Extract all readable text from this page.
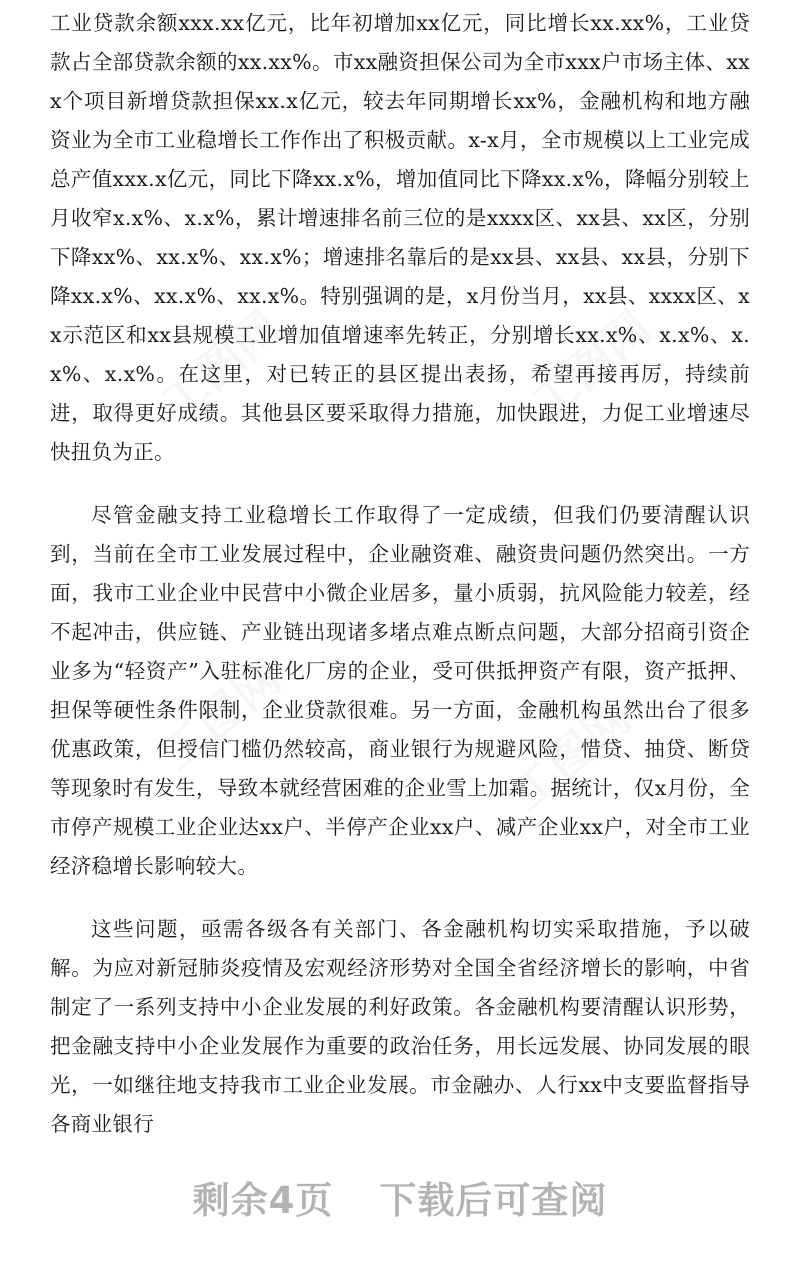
工业贷款余额xxx.xx亿元，比年初增加xx亿元，同比增长xx.xx%，工业贷款占全部贷款余额的xx.xx%。市xx融资担保公司为全市xxx户市场主体、xxx个项目新增贷款担保xx.x亿元，较去年同期增长xx%，金融机构和地方融资业为全市工业稳增长工作作出了积极贡献。x-x月，全市规模以上工业完成总产值xxx.x亿元，同比下降xx.x%，增加值同比下降xx.x%，降幅分别较上月收窄x.x%、x.x%，累计增速排名前三位的是xxxx区、xx县、xx区，分别下降xx%、xx.x%、xx.x%；增速排名靠后的是xx县、xx县、xx县，分别下降xx.x%、xx.x%、xx.x%。特别强调的是，x月份当月，xx县、xxxx区、xx示范区和xx县规模工业增加值增速率先转正，分别增长xx.x%、x.x%、x.x%、x.x%。在这里，对已转正的县区提出表扬，希望再接再厉，持续前进，取得更好成绩。其他县区要采取得力措施，加快跟进，力促工业增速尽快扭负为正。

尽管金融支持工业稳增长工作取得了一定成绩，但我们仍要清醒认识到，当前在全市工业发展过程中，企业融资难、融资贵问题仍然突出。一方面，我市工业企业中民营中小微企业居多，量小质弱，抗风险能力较差，经不起冲击，供应链、产业链出现诸多堵点难点断点问题，大部分招商引资企业多为“轻资产”入驻标准化厂房的企业，受可供抵押资产有限，资产抵押、担保等硬性条件限制，企业贷款很难。另一方面，金融机构虽然出台了很多优惠政策，但授信门槛仍然较高，商业银行为规避风险，惜贷、抽贷、断贷等现象时有发生，导致本就经营困难的企业雪上加霜。据统计，仅x月份，全市停产规模工业企业达xx户、半停产企业xx户、减产企业xx户，对全市工业经济稳增长影响较大。

这些问题，亟需各级各有关部门、各金融机构切实采取措施，予以破解。为应对新冠肺炎疫情及宏观经济形势对全国全省经济增长的影响，中省制定了一系列支持中小企业发展的利好政策。各金融机构要清醒认识形势，把金融支持中小企业发展作为重要的政治任务，用长远发展、协同发展的眼光，一如继往地支持我市工业企业发展。市金融办、人行xx中支要监督指导各商业银行

剩余4页 下载后可查阅
